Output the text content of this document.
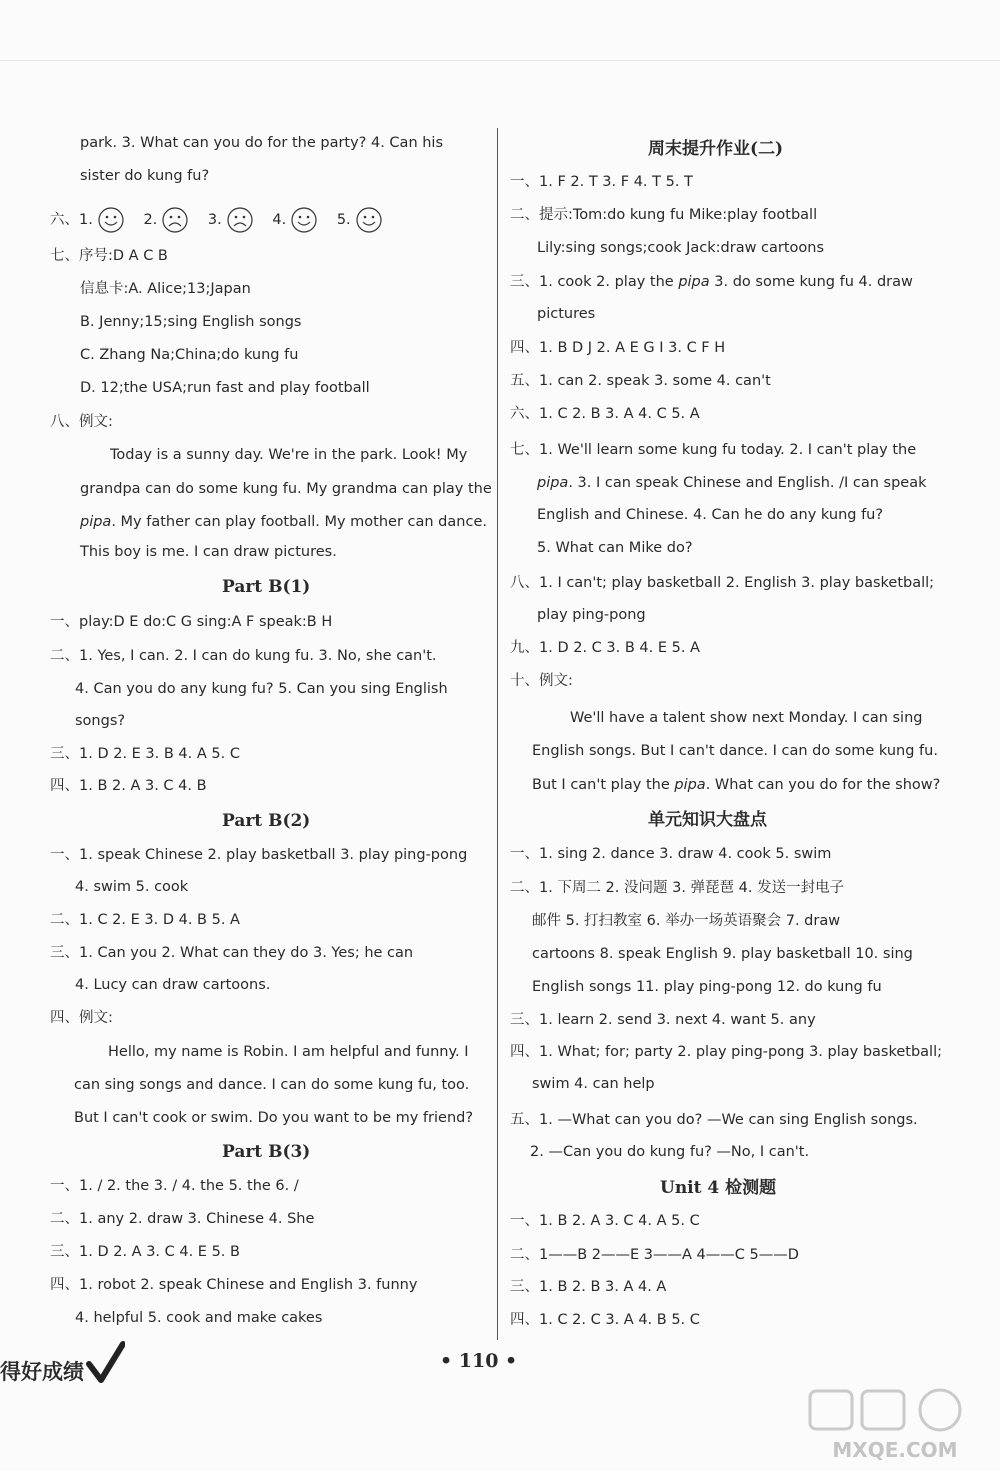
park. 3. What can you do for the party? 4. Can his
sister do kung fu?
六、1.	2.	3.	4.	5.
七、序号:D A C B
信息卡:A. Alice;13;Japan
B. Jenny;15;sing English songs
C. Zhang Na;China;do kung fu
D. 12;the USA;run fast and play football
八、例文:
Today is a sunny day. We're in the park. Look! My
grandpa can do some kung fu. My grandma can play the
pipa. My father can play football. My mother can dance.
This boy is me. I can draw pictures.
Part B(1)
一、play:D E do:C G sing:A F speak:B H
二、1. Yes, I can. 2. I can do kung fu. 3. No, she can't.
4. Can you do any kung fu? 5. Can you sing English
songs?
三、1. D 2. E 3. B 4. A 5. C
四、1. B 2. A 3. C 4. B
Part B(2)
一、1. speak Chinese 2. play basketball 3. play ping-pong
4. swim 5. cook
二、1. C 2. E 3. D 4. B 5. A
三、1. Can you 2. What can they do 3. Yes; he can
4. Lucy can draw cartoons.
四、例文:
Hello, my name is Robin. I am helpful and funny. I
can sing songs and dance. I can do some kung fu, too.
But I can't cook or swim. Do you want to be my friend?
Part B(3)
一、1. / 2. the 3. / 4. the 5. the 6. /
二、1. any 2. draw 3. Chinese 4. She
三、1. D 2. A 3. C 4. E 5. B
四、1. robot 2. speak Chinese and English 3. funny
4. helpful 5. cook and make cakes
周末提升作业(二)
一、1. F 2. T 3. F 4. T 5. T
二、提示:Tom:do kung fu Mike:play football
Lily:sing songs;cook Jack:draw cartoons
三、1. cook 2. play the pipa 3. do some kung fu 4. draw
pictures
四、1. B D J 2. A E G I 3. C F H
五、1. can 2. speak 3. some 4. can't
六、1. C 2. B 3. A 4. C 5. A
七、1. We'll learn some kung fu today. 2. I can't play the
pipa. 3. I can speak Chinese and English. /I can speak
English and Chinese. 4. Can he do any kung fu?
5. What can Mike do?
八、1. I can't; play basketball 2. English 3. play basketball;
play ping-pong
九、1. D 2. C 3. B 4. E 5. A
十、例文:
We'll have a talent show next Monday. I can sing
English songs. But I can't dance. I can do some kung fu.
But I can't play the pipa. What can you do for the show?
单元知识大盘点
一、1. sing 2. dance 3. draw 4. cook 5. swim
二、1. 下周二 2. 没问题 3. 弹琵琶 4. 发送一封电子
邮件 5. 打扫教室 6. 举办一场英语聚会 7. draw
cartoons 8. speak English 9. play basketball 10. sing
English songs 11. play ping-pong 12. do kung fu
三、1. learn 2. send 3. next 4. want 5. any
四、1. What; for; party 2. play ping-pong 3. play basketball;
swim 4. can help
五、1. —What can you do? —We can sing English songs.
2. —Can you do kung fu? —No, I can't.
Unit 4 检测题
一、1. B 2. A 3. C 4. A 5. C
二、1——B 2——E 3——A 4——C 5——D
三、1. B 2. B 3. A 4. A
四、1. C 2. C 3. A 4. B 5. C
得好成绩	• 110 •
MXQE.COM
